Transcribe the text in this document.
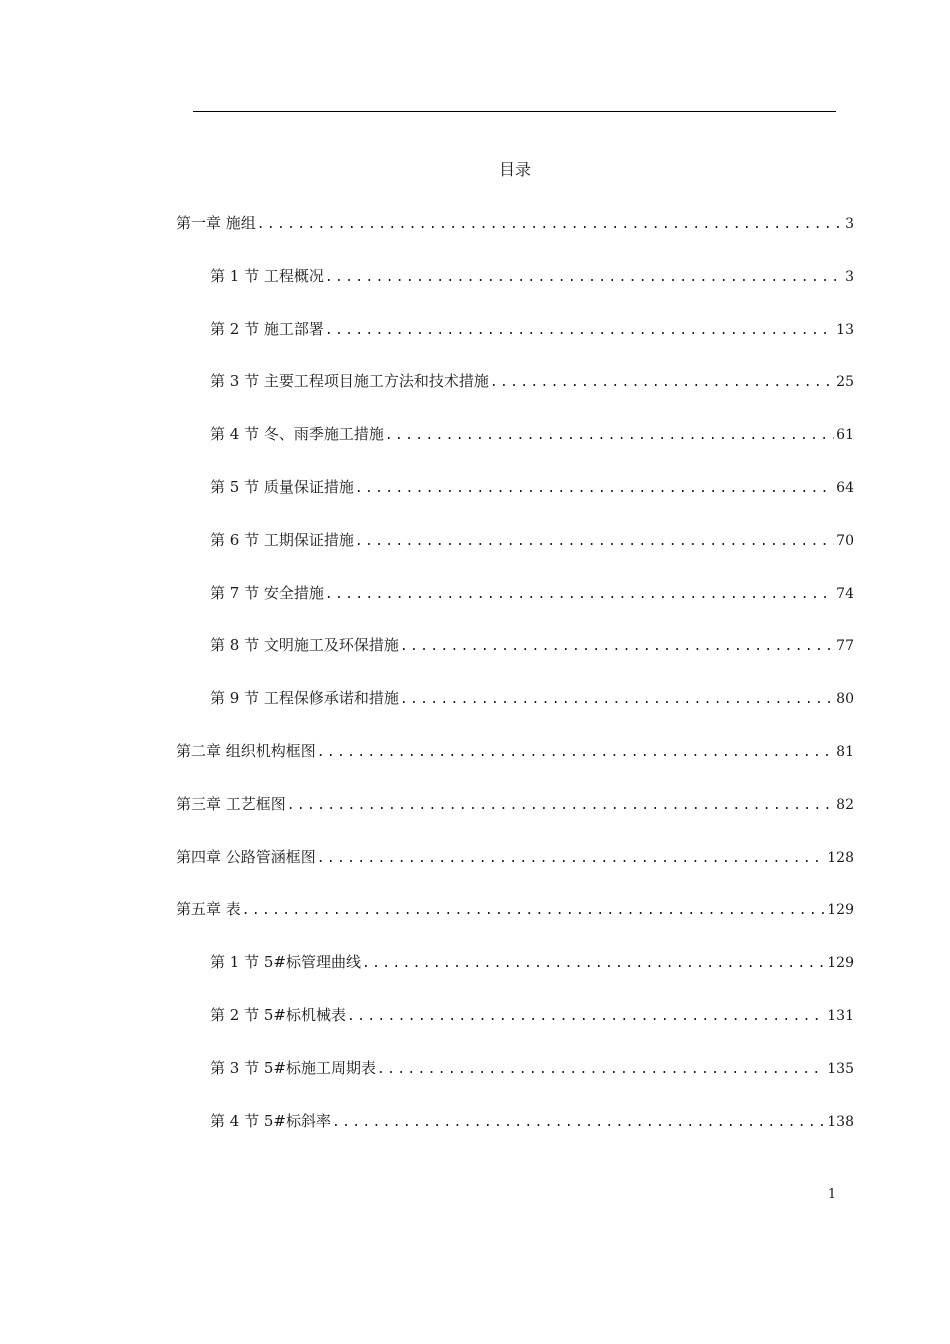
目录
第一章 施组 .....	3
第 1 节 工程概况 .....	3
第 2 节 施工部署 .....	13
第 3 节 主要工程项目施工方法和技术措施 .....	25
第 4 节 冬、雨季施工措施 .....	61
第 5 节 质量保证措施 .....	64
第 6 节 工期保证措施 .....	70
第 7 节 安全措施 .....	74
第 8 节 文明施工及环保措施 .....	77
第 9 节 工程保修承诺和措施 .....	80
第二章 组织机构框图 .....	81
第三章 工艺框图 .....	82
第四章 公路管涵框图 .....	128
第五章 表 .....	129
第 1 节 5#标管理曲线 .....	129
第 2 节 5#标机械表 .....	131
第 3 节 5#标施工周期表 .....	135
第 4 节 5#标斜率 .....	138
1
